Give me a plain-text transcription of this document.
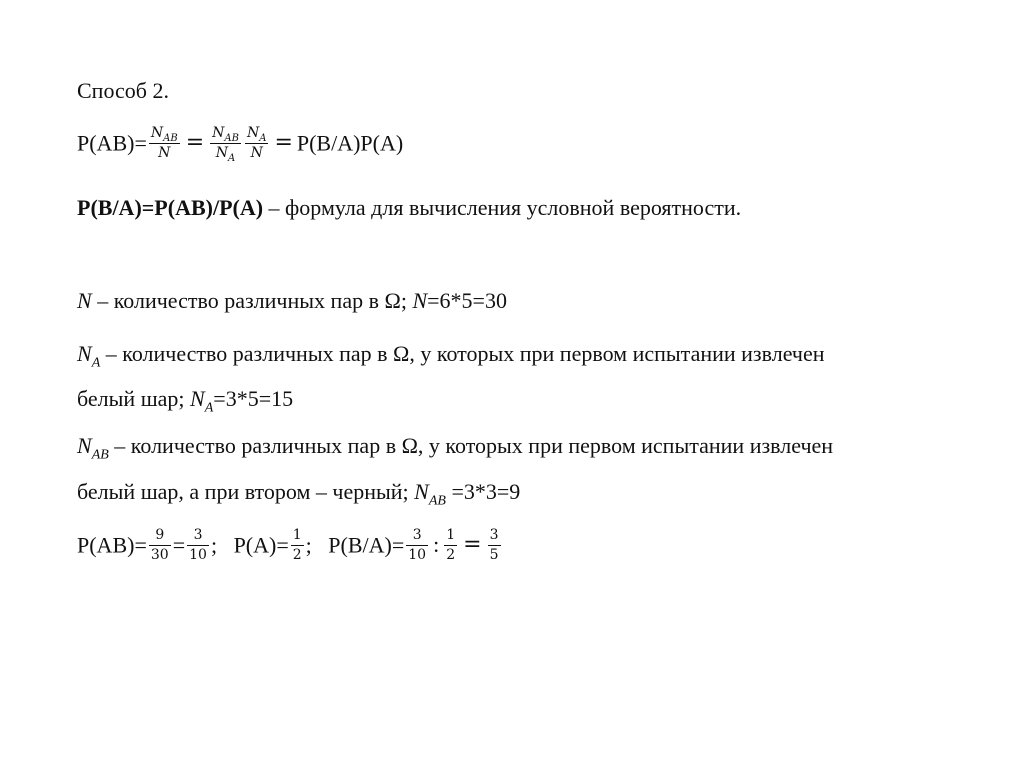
Способ 2.
$P(AB)= \frac{N_{AB}}{N} = \frac{N_{AB}}{N_A} \frac{N_A}{N} = P(B/A)P(A)$
P(B/A)=P(AB)/P(A) – формула для вычисления условной вероятности.
N – количество различных пар в Ω; N=6*5=30
$N_A$ – количество различных пар в Ω, у которых при первом испытании извлечен
белый шар; $N_A=3*5=15$
$N_{AB}$ – количество различных пар в Ω, у которых при первом испытании извлечен
белый шар, а при втором – черный; $N_{AB} =3*3=9$
$P(AB)= \frac{9}{30} = \frac{3}{10}$ ;   $P(A)= \frac{1}{2}$ ;   $P(B/A)= \frac{3}{10}$ : $\frac{1}{2} = \frac{3}{5}$
